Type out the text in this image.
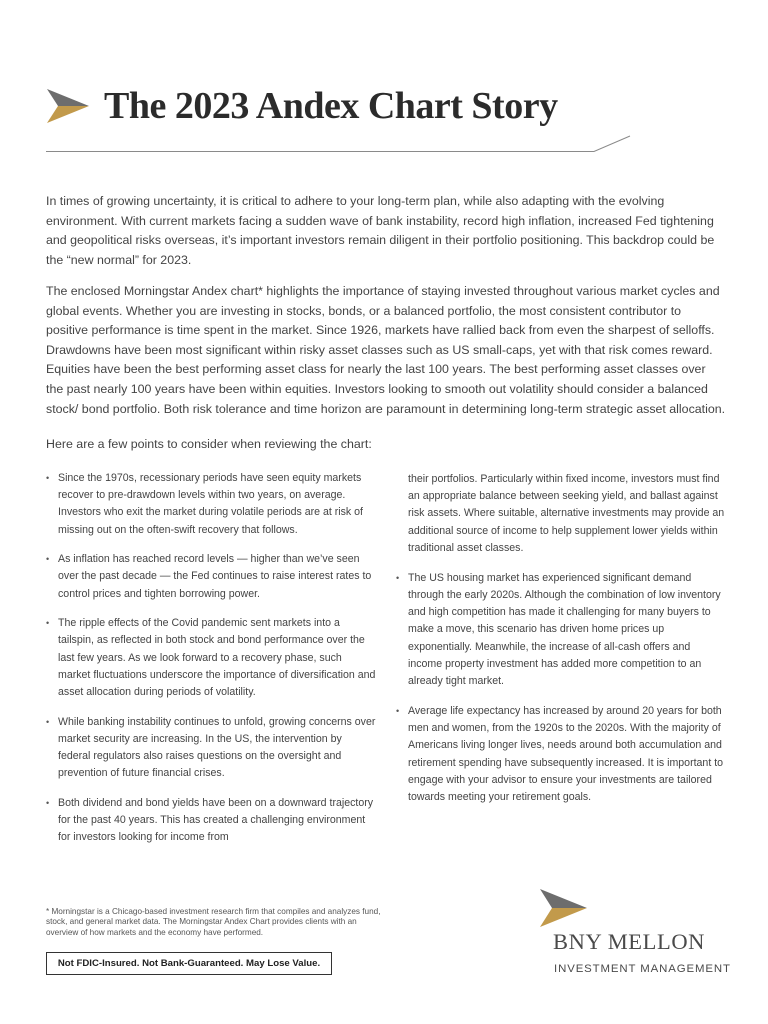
The 2023 Andex Chart Story

In times of growing uncertainty, it is critical to adhere to your long-term plan, while also adapting with the evolving environment. With current markets facing a sudden wave of bank instability, record high inflation, increased Fed tightening and geopolitical risks overseas, it’s important investors remain diligent in their portfolio positioning. This backdrop could be the “new normal” for 2023.

The enclosed Morningstar Andex chart* highlights the importance of staying invested throughout various market cycles and global events. Whether you are investing in stocks, bonds, or a balanced portfolio, the most consistent contributor to positive performance is time spent in the market. Since 1926, markets have rallied back from even the sharpest of selloffs. Drawdowns have been most significant within risky asset classes such as US small-caps, yet with that risk comes reward. Equities have been the best performing asset class for nearly the last 100 years. The best performing asset classes over the past nearly 100 years have been within equities. Investors looking to smooth out volatility should consider a balanced stock/ bond portfolio. Both risk tolerance and time horizon are paramount in determining long-term strategic asset allocation.

Here are a few points to consider when reviewing the chart:

• Since the 1970s, recessionary periods have seen equity markets recover to pre-drawdown levels within two years, on average. Investors who exit the market during volatile periods are at risk of missing out on the often-swift recovery that follows.
• As inflation has reached record levels — higher than we’ve seen over the past decade — the Fed continues to raise interest rates to control prices and tighten borrowing power.
• The ripple effects of the Covid pandemic sent markets into a tailspin, as reflected in both stock and bond performance over the last few years. As we look forward to a recovery phase, such market fluctuations underscore the importance of diversification and asset allocation during periods of volatility.
• While banking instability continues to unfold, growing concerns over market security are increasing. In the US, the intervention by federal regulators also raises questions on the oversight and prevention of future financial crises.
• Both dividend and bond yields have been on a downward trajectory for the past 40 years. This has created a challenging environment for investors looking for income from
their portfolios. Particularly within fixed income, investors must find an appropriate balance between seeking yield, and ballast against risk assets. Where suitable, alternative investments may provide an additional source of income to help supplement lower yields within traditional asset classes.
• The US housing market has experienced significant demand through the early 2020s. Although the combination of low inventory and high competition has made it challenging for many buyers to make a move, this scenario has driven home prices up exponentially. Meanwhile, the increase of all-cash offers and income property investment has added more competition to an already tight market.
• Average life expectancy has increased by around 20 years for both men and women, from the 1920s to the 2020s. With the majority of Americans living longer lives, needs around both accumulation and retirement spending have subsequently increased. It is important to engage with your advisor to ensure your investments are tailored towards meeting your retirement goals.

* Morningstar is a Chicago-based investment research firm that compiles and analyzes fund, stock, and general market data. The Morningstar Andex Chart provides clients with an overview of how markets and the economy have performed.

Not FDIC-Insured. Not Bank-Guaranteed. May Lose Value.
BNY MELLON
INVESTMENT MANAGEMENT
